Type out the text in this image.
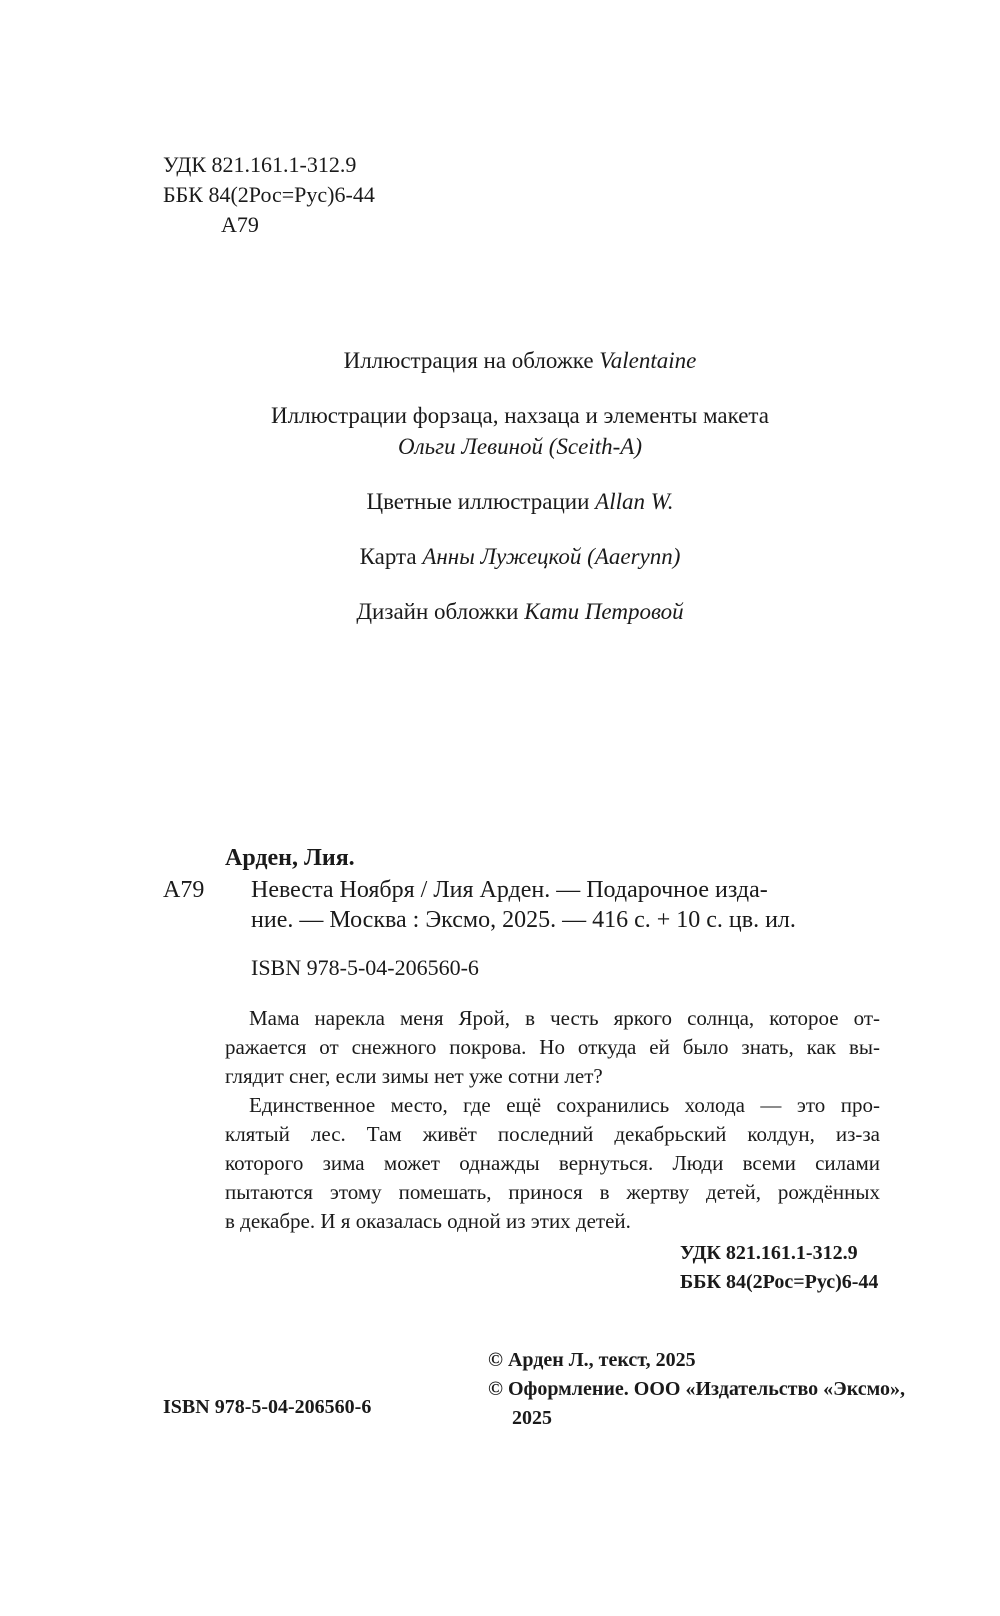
УДК 821.161.1-312.9
ББК 84(2Рос=Рус)6-44
А79
Иллюстрация на обложке Valentaine
Иллюстрации форзаца, нахзаца и элементы макета
Ольги Левиной (Sceith-A)
Цветные иллюстрации Allan W.
Карта Анны Лужецкой (Aaerynn)
Дизайн обложки Кати Петровой
Арден, Лия.
А79 Невеста Ноября / Лия Арден. — Подарочное изда-
ние. — Москва : Эксмо, 2025. — 416 с. + 10 с. цв. ил.
ISBN 978-5-04-206560-6

Мама нарекла меня Ярой, в честь яркого солнца, которое от-
ражается от снежного покрова. Но откуда ей было знать, как вы-
глядит снег, если зимы нет уже сотни лет?

Единственное место, где ещё сохранились холода — это про-
клятый лес. Там живёт последний декабрьский колдун, из-за
которого зима может однажды вернуться. Люди всеми силами
пытаются этому помешать, принося в жертву детей, рождённых
в декабре. И я оказалась одной из этих детей.

УДК 821.161.1-312.9
ББК 84(2Рос=Рус)6-44
© Арден Л., текст, 2025
© Оформление. ООО «Издательство «Эксмо»,
2025
ISBN 978-5-04-206560-6
